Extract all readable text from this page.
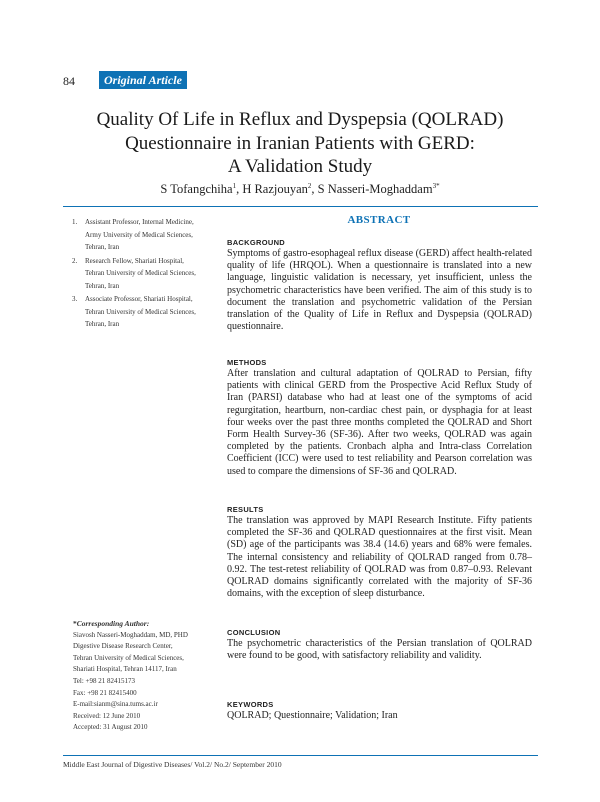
84	Original Article
Quality Of Life in Reflux and Dyspepsia (QOLRAD)
Questionnaire in Iranian Patients with GERD:
A Validation Study
S Tofangchiha$^1$, H Razjouyan$^2$, S Nasseri-Moghaddam$^{3*}$
1. Assistant Professor, Internal Medicine,
Army University of Medical Sciences,
Tehran, Iran
2. Research Fellow, Shariati Hospital,
Tehran University of Medical Sciences,
Tehran, Iran
3. Associate Professor, Shariati Hospital,
Tehran University of Medical Sciences,
Tehran, Iran
*Corresponding Author:
Siavosh Nasseri-Moghaddam, MD, PHD
Digestive Disease Research Center,
Tehran University of Medical Sciences,
Shariati Hospital, Tehran 14117, Iran
Tel: +98 21 82415173
Fax: +98 21 82415400
E-mail:sianm@sina.tums.ac.ir
Received: 12 June 2010
Accepted: 31 August 2010
ABSTRACT
BACKGROUND

Symptoms of gastro-esophageal reflux disease (GERD) affect health-related quality of life (HRQOL). When a questionnaire is translated into a new language, linguistic validation is necessary, yet insufficient, unless the psychometric characteristics have been verified. The aim of this study is to document the translation and psychometric validation of the Persian translation of the Quality of Life in Reflux and Dyspepsia (QOLRAD) questionnaire.

METHODS

After translation and cultural adaptation of QOLRAD to Persian, fifty patients with clinical GERD from the Prospective Acid Reflux Study of Iran (PARSI) database who had at least one of the symptoms of acid regurgitation, heartburn, non-cardiac chest pain, or dysphagia for at least four weeks over the past three months completed the QOLRAD and Short Form Health Survey-36 (SF-36). After two weeks, QOLRAD was again completed by the patients. Cronbach alpha and Intra-class Correlation Coefficient (ICC) were used to test reliability and Pearson correlation was used to compare the dimensions of SF-36 and QOLRAD.

RESULTS

The translation was approved by MAPI Research Institute. Fifty patients completed the SF-36 and QOLRAD questionnaires at the first visit. Mean (SD) age of the participants was 38.4 (14.6) years and 68% were females. The internal consistency and reliability of QOLRAD ranged from 0.78–0.92. The test-retest reliability of QOLRAD was from 0.87–0.93. Relevant QOLRAD domains significantly correlated with the majority of SF-36 domains, with the exception of sleep disturbance.

CONCLUSION

The psychometric characteristics of the Persian translation of QOLRAD were found to be good, with satisfactory reliability and validity.

KEYWORDS

QOLRAD; Questionnaire; Validation; Iran

Middle East Journal of Digestive Diseases/ Vol.2/ No.2/ September 2010
